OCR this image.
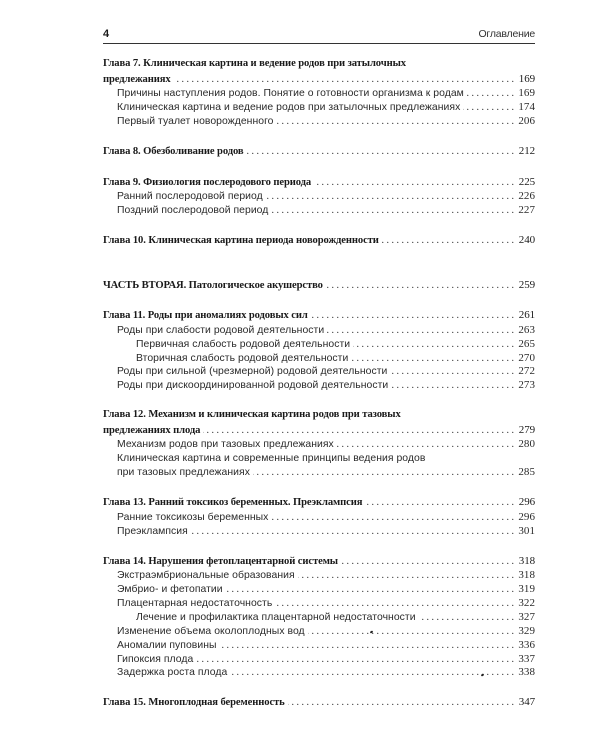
4	Оглавление
Глава 7. Клиническая картина и ведение родов при затылочных
предлежаниях . . .	169
Причины наступления родов. Понятие о готовности организма к родам . . .	169
Клиническая картина и ведение родов при затылочных предлежаниях . . .	174
Первый туалет новорожденного . . .	206
Глава 8. Обезболивание родов . . .	212
Глава 9. Физиология послеродового периода . . .	225
Ранний послеродовой период . . .	226
Поздний послеродовой период . . .	227
Глава 10. Клиническая картина периода новорожденности . . .	240
ЧАСТЬ ВТОРАЯ. Патологическое акушерство . . .	259
Глава 11. Роды при аномалиях родовых сил . . .	261
Роды при слабости родовой деятельности . . .	263
Первичная слабость родовой деятельности . . .	265
Вторичная слабость родовой деятельности . . .	270
Роды при сильной (чрезмерной) родовой деятельности . . .	272
Роды при дискоординированной родовой деятельности . . .	273
Глава 12. Механизм и клиническая картина родов при тазовых
предлежаниях плода . . .	279
Механизм родов при тазовых предлежаниях . . .	280
Клиническая картина и современные принципы ведения родов
при тазовых предлежаниях . . .	285
Глава 13. Ранний токсикоз беременных. Преэклампсия . . .	296
Ранние токсикозы беременных . . .	296
Преэклампсия . . .	301
Глава 14. Нарушения фетоплацентарной системы . . .	318
Экстраэмбриональные образования . . .	318
Эмбрио- и фетопатии . . .	319
Плацентарная недостаточность . . .	322
Лечение и профилактика плацентарной недостаточности . . .	327
Изменение объема околоплодных вод . . .	329
Аномалии пуповины . . .	336
Гипоксия плода . . .	337
Задержка роста плода . . .	338
Глава 15. Многоплодная беременность . . .	347
